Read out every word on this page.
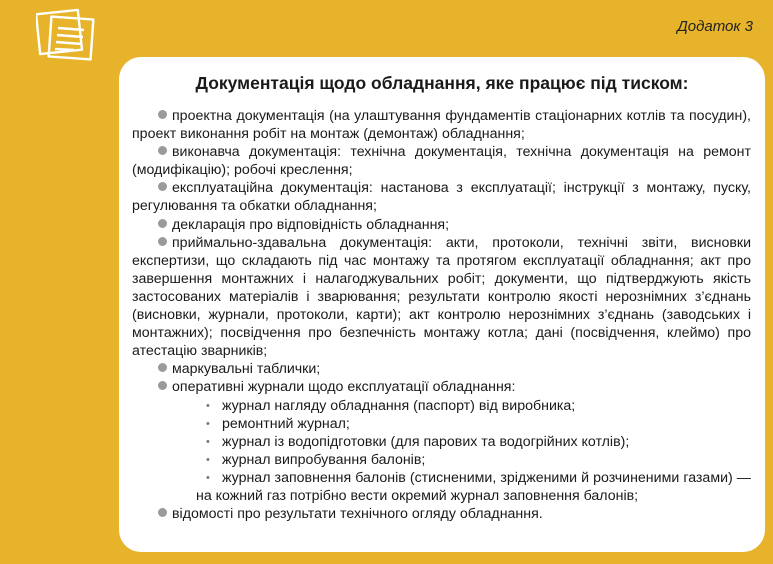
Додаток 3
Документація щодо обладнання, яке працює під тиском:

проектна документація (на улаштування фундаментів стаціонарних котлів та посудин), проект виконання робіт на монтаж (демонтаж) обладнання;

виконавча документація: технічна документація, технічна документація на ремонт (модифікацію); робочі креслення;

експлуатаційна документація: настанова з експлуатації; інструкції з монтажу, пуску, регулювання та обкатки обладнання;

декларація про відповідність обладнання;

приймально-здавальна документація: акти, протоколи, технічні звіти, висновки експертизи, що складають під час монтажу та протягом експлуатації обладнання; акт про завершення монтажних і налагоджувальних робіт; документи, що підтверджують якість застосованих матеріалів і зварювання; результати контролю якості нерознімних з’єднань (висновки, журнали, протоколи, карти); акт контролю нерознімних з’єднань (заводських і монтажних); посвідчення про безпечність монтажу котла; дані (посвідчення, клеймо) про атестацію зварників;

маркувальні таблички;

оперативні журнали щодо експлуатації обладнання:

• журнал нагляду обладнання (паспорт) від виробника;

• ремонтний журнал;

• журнал із водопідготовки (для парових та водогрійних котлів);

• журнал випробування балонів;

• журнал заповнення балонів (стисненими, зрідженими й розчиненими газами) — на кожний газ потрібно вести окремий журнал заповнення балонів;

відомості про результати технічного огляду обладнання.
